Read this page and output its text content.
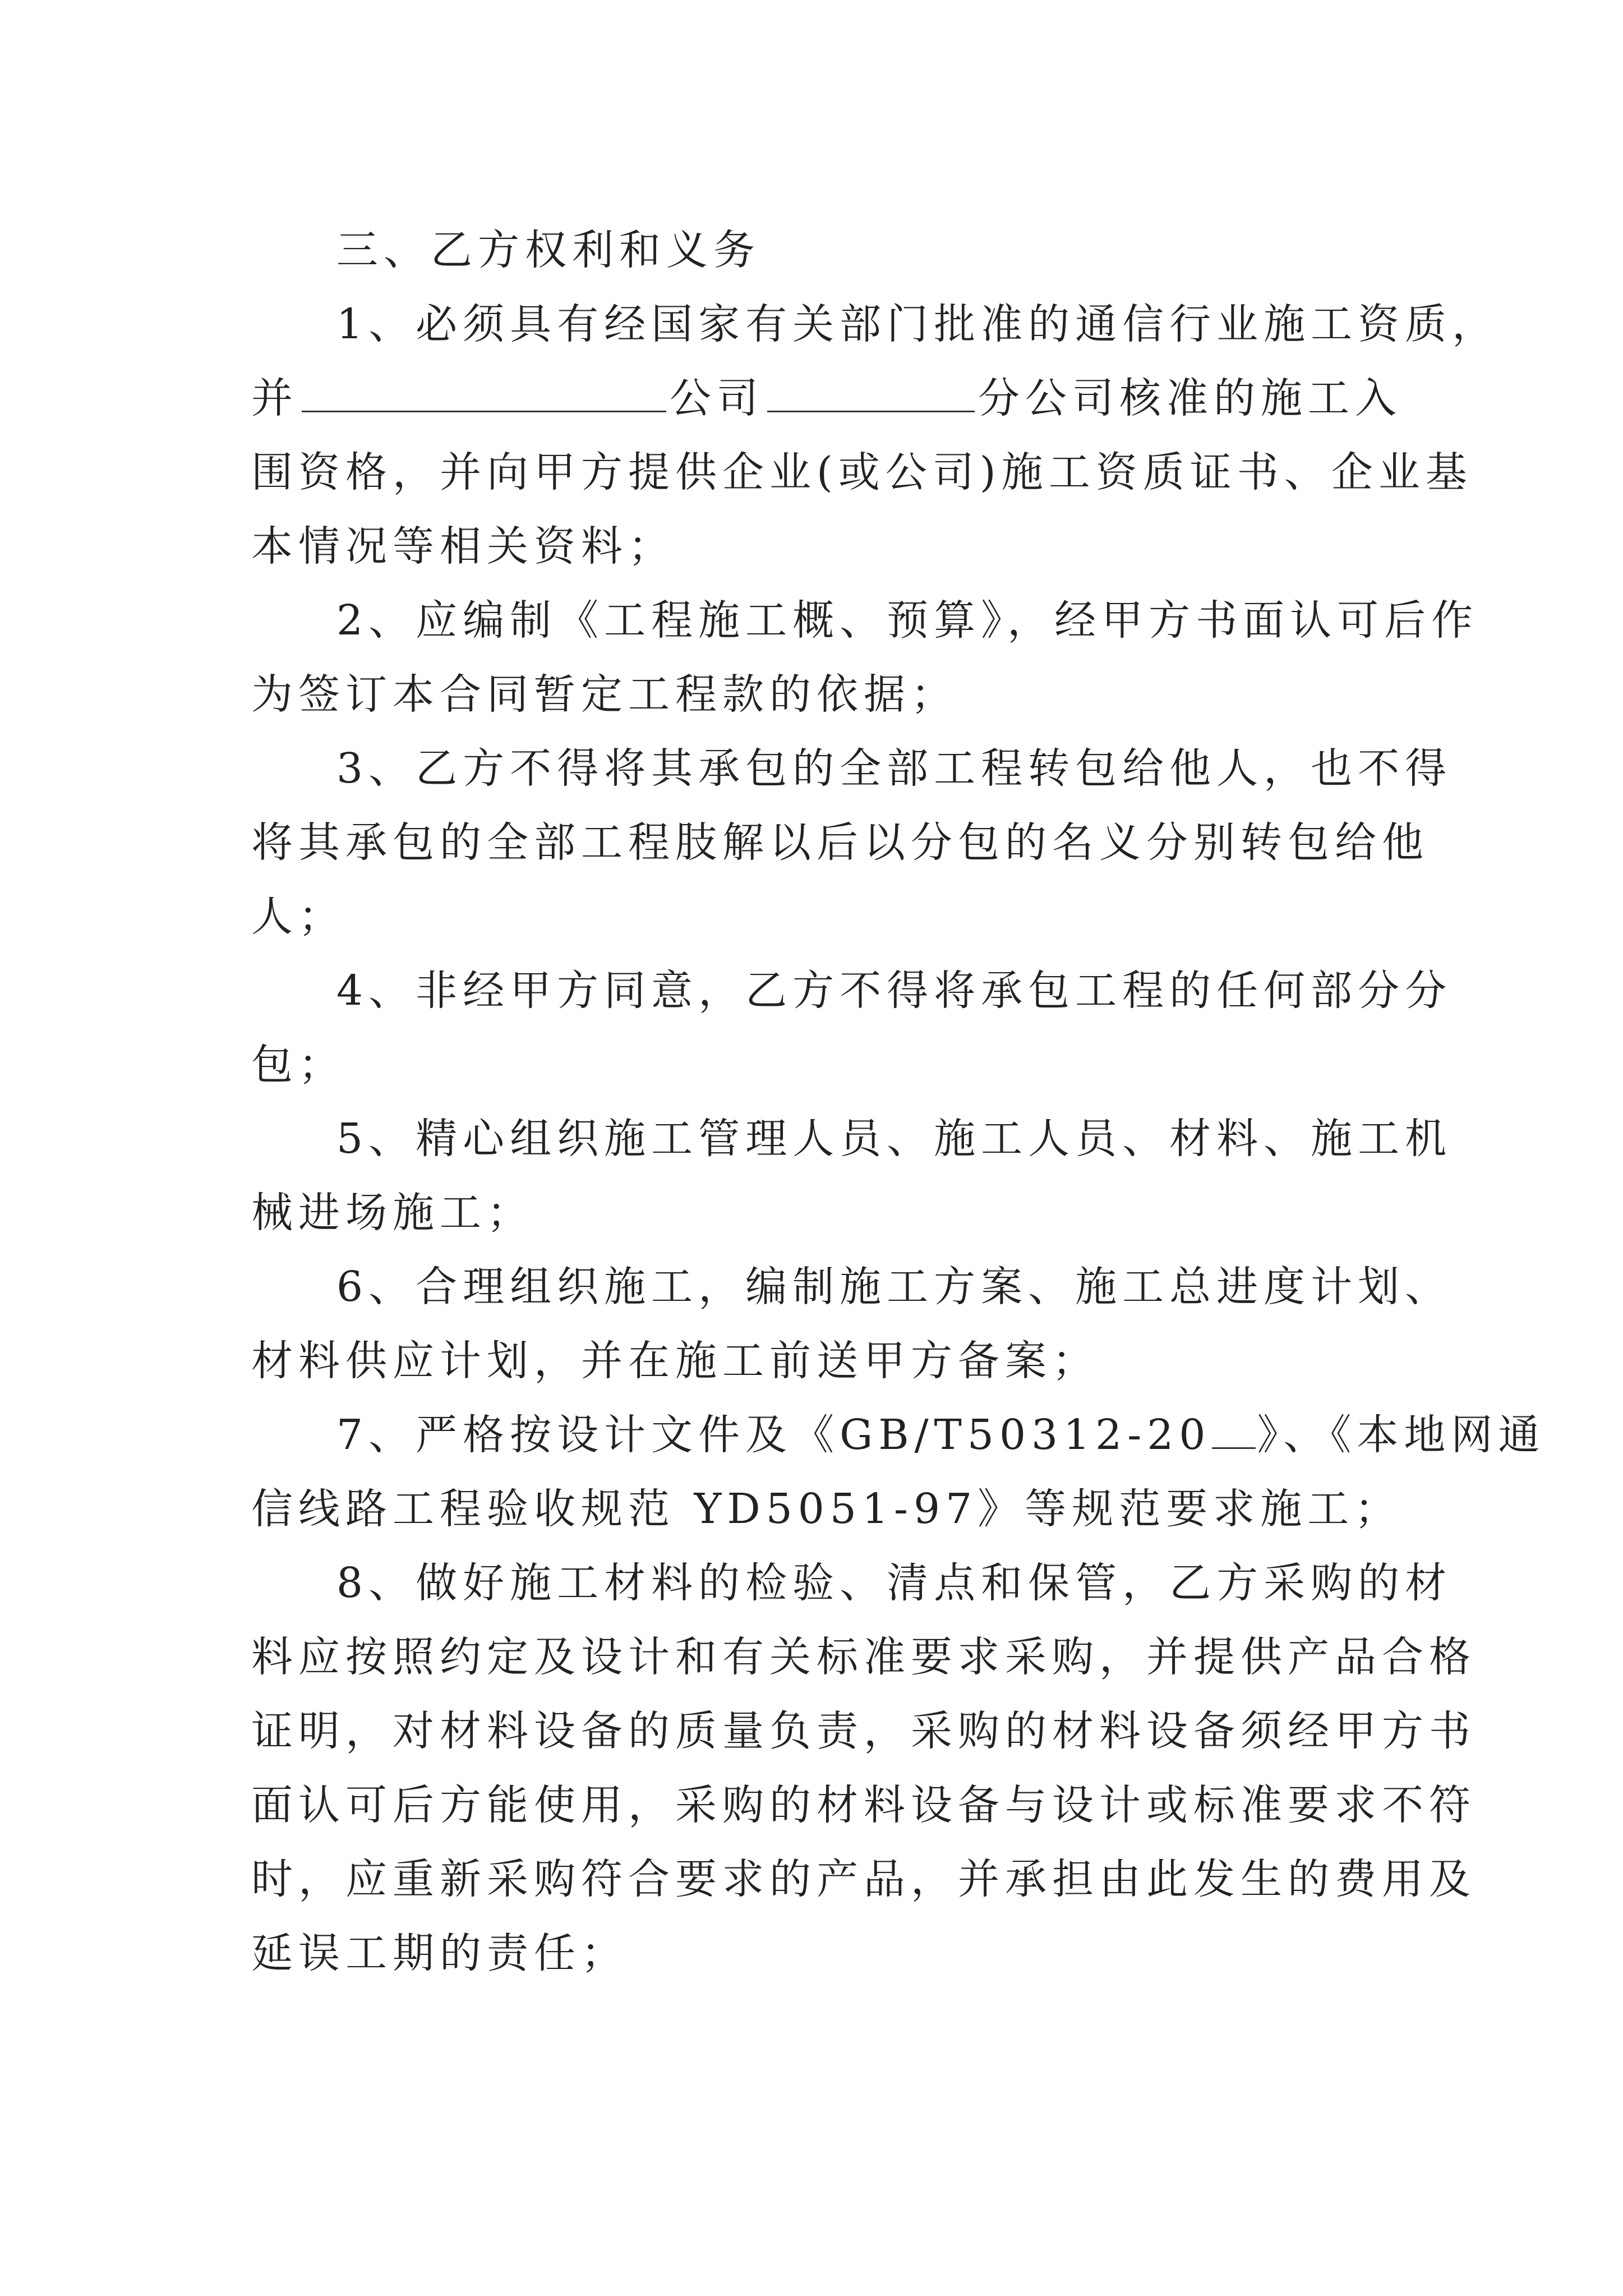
三、乙方权利和义务
1、必须具有经国家有关部门批准的通信行业施工资质，
并	公司	分公司核准的施工入
围资格，并向甲方提供企业(或公司)施工资质证书、企业基
本情况等相关资料；
2、应编制《工程施工概、预算》，经甲方书面认可后作
为签订本合同暂定工程款的依据；
3、乙方不得将其承包的全部工程转包给他人，也不得
将其承包的全部工程肢解以后以分包的名义分别转包给他
人；
4、非经甲方同意，乙方不得将承包工程的任何部分分
包；
5、精心组织施工管理人员、施工人员、材料、施工机
械进场施工；
6、合理组织施工，编制施工方案、施工总进度计划、
材料供应计划，并在施工前送甲方备案；
7、严格按设计文件及《GB/T50312-20 》、《本地网通
信线路工程验收规范 YD5051-97》等规范要求施工；
8、做好施工材料的检验、清点和保管，乙方采购的材
料应按照约定及设计和有关标准要求采购，并提供产品合格
证明，对材料设备的质量负责，采购的材料设备须经甲方书
面认可后方能使用，采购的材料设备与设计或标准要求不符
时，应重新采购符合要求的产品，并承担由此发生的费用及
延误工期的责任；
